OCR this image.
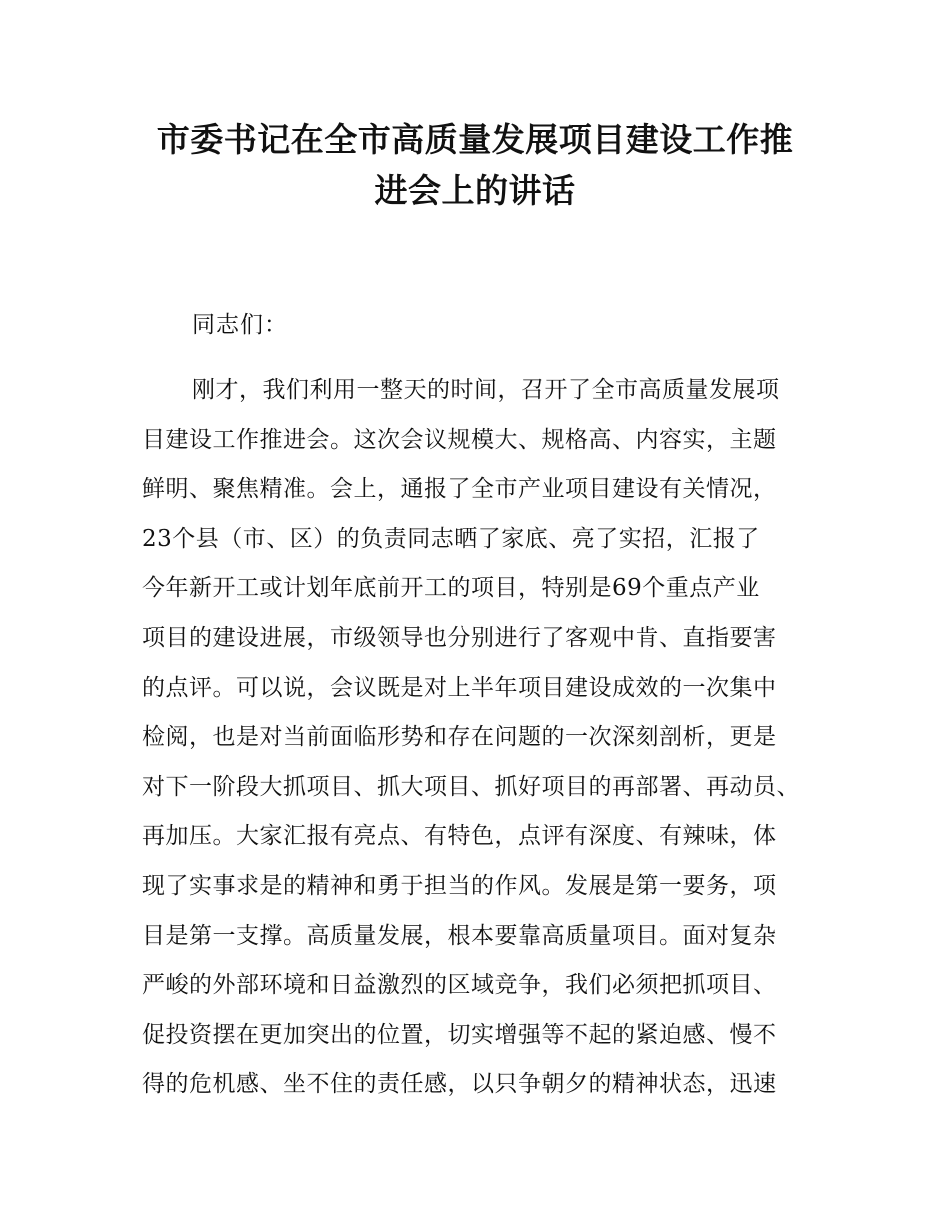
市委书记在全市高质量发展项目建设工作推
进会上的讲话

同志们：

刚才，我们利用一整天的时间，召开了全市高质量发展项
目建设工作推进会。这次会议规模大、规格高、内容实，主题
鲜明、聚焦精准。会上，通报了全市产业项目建设有关情况，
23个县（市、区）的负责同志晒了家底、亮了实招，汇报了
今年新开工或计划年底前开工的项目，特别是69个重点产业
项目的建设进展，市级领导也分别进行了客观中肯、直指要害
的点评。可以说，会议既是对上半年项目建设成效的一次集中
检阅，也是对当前面临形势和存在问题的一次深刻剖析，更是
对下一阶段大抓项目、抓大项目、抓好项目的再部署、再动员、
再加压。大家汇报有亮点、有特色，点评有深度、有辣味，体
现了实事求是的精神和勇于担当的作风。发展是第一要务，项
目是第一支撑。高质量发展，根本要靠高质量项目。面对复杂
严峻的外部环境和日益激烈的区域竞争，我们必须把抓项目、
促投资摆在更加突出的位置，切实增强等不起的紧迫感、慢不
得的危机感、坐不住的责任感，以只争朝夕的精神状态，迅速
